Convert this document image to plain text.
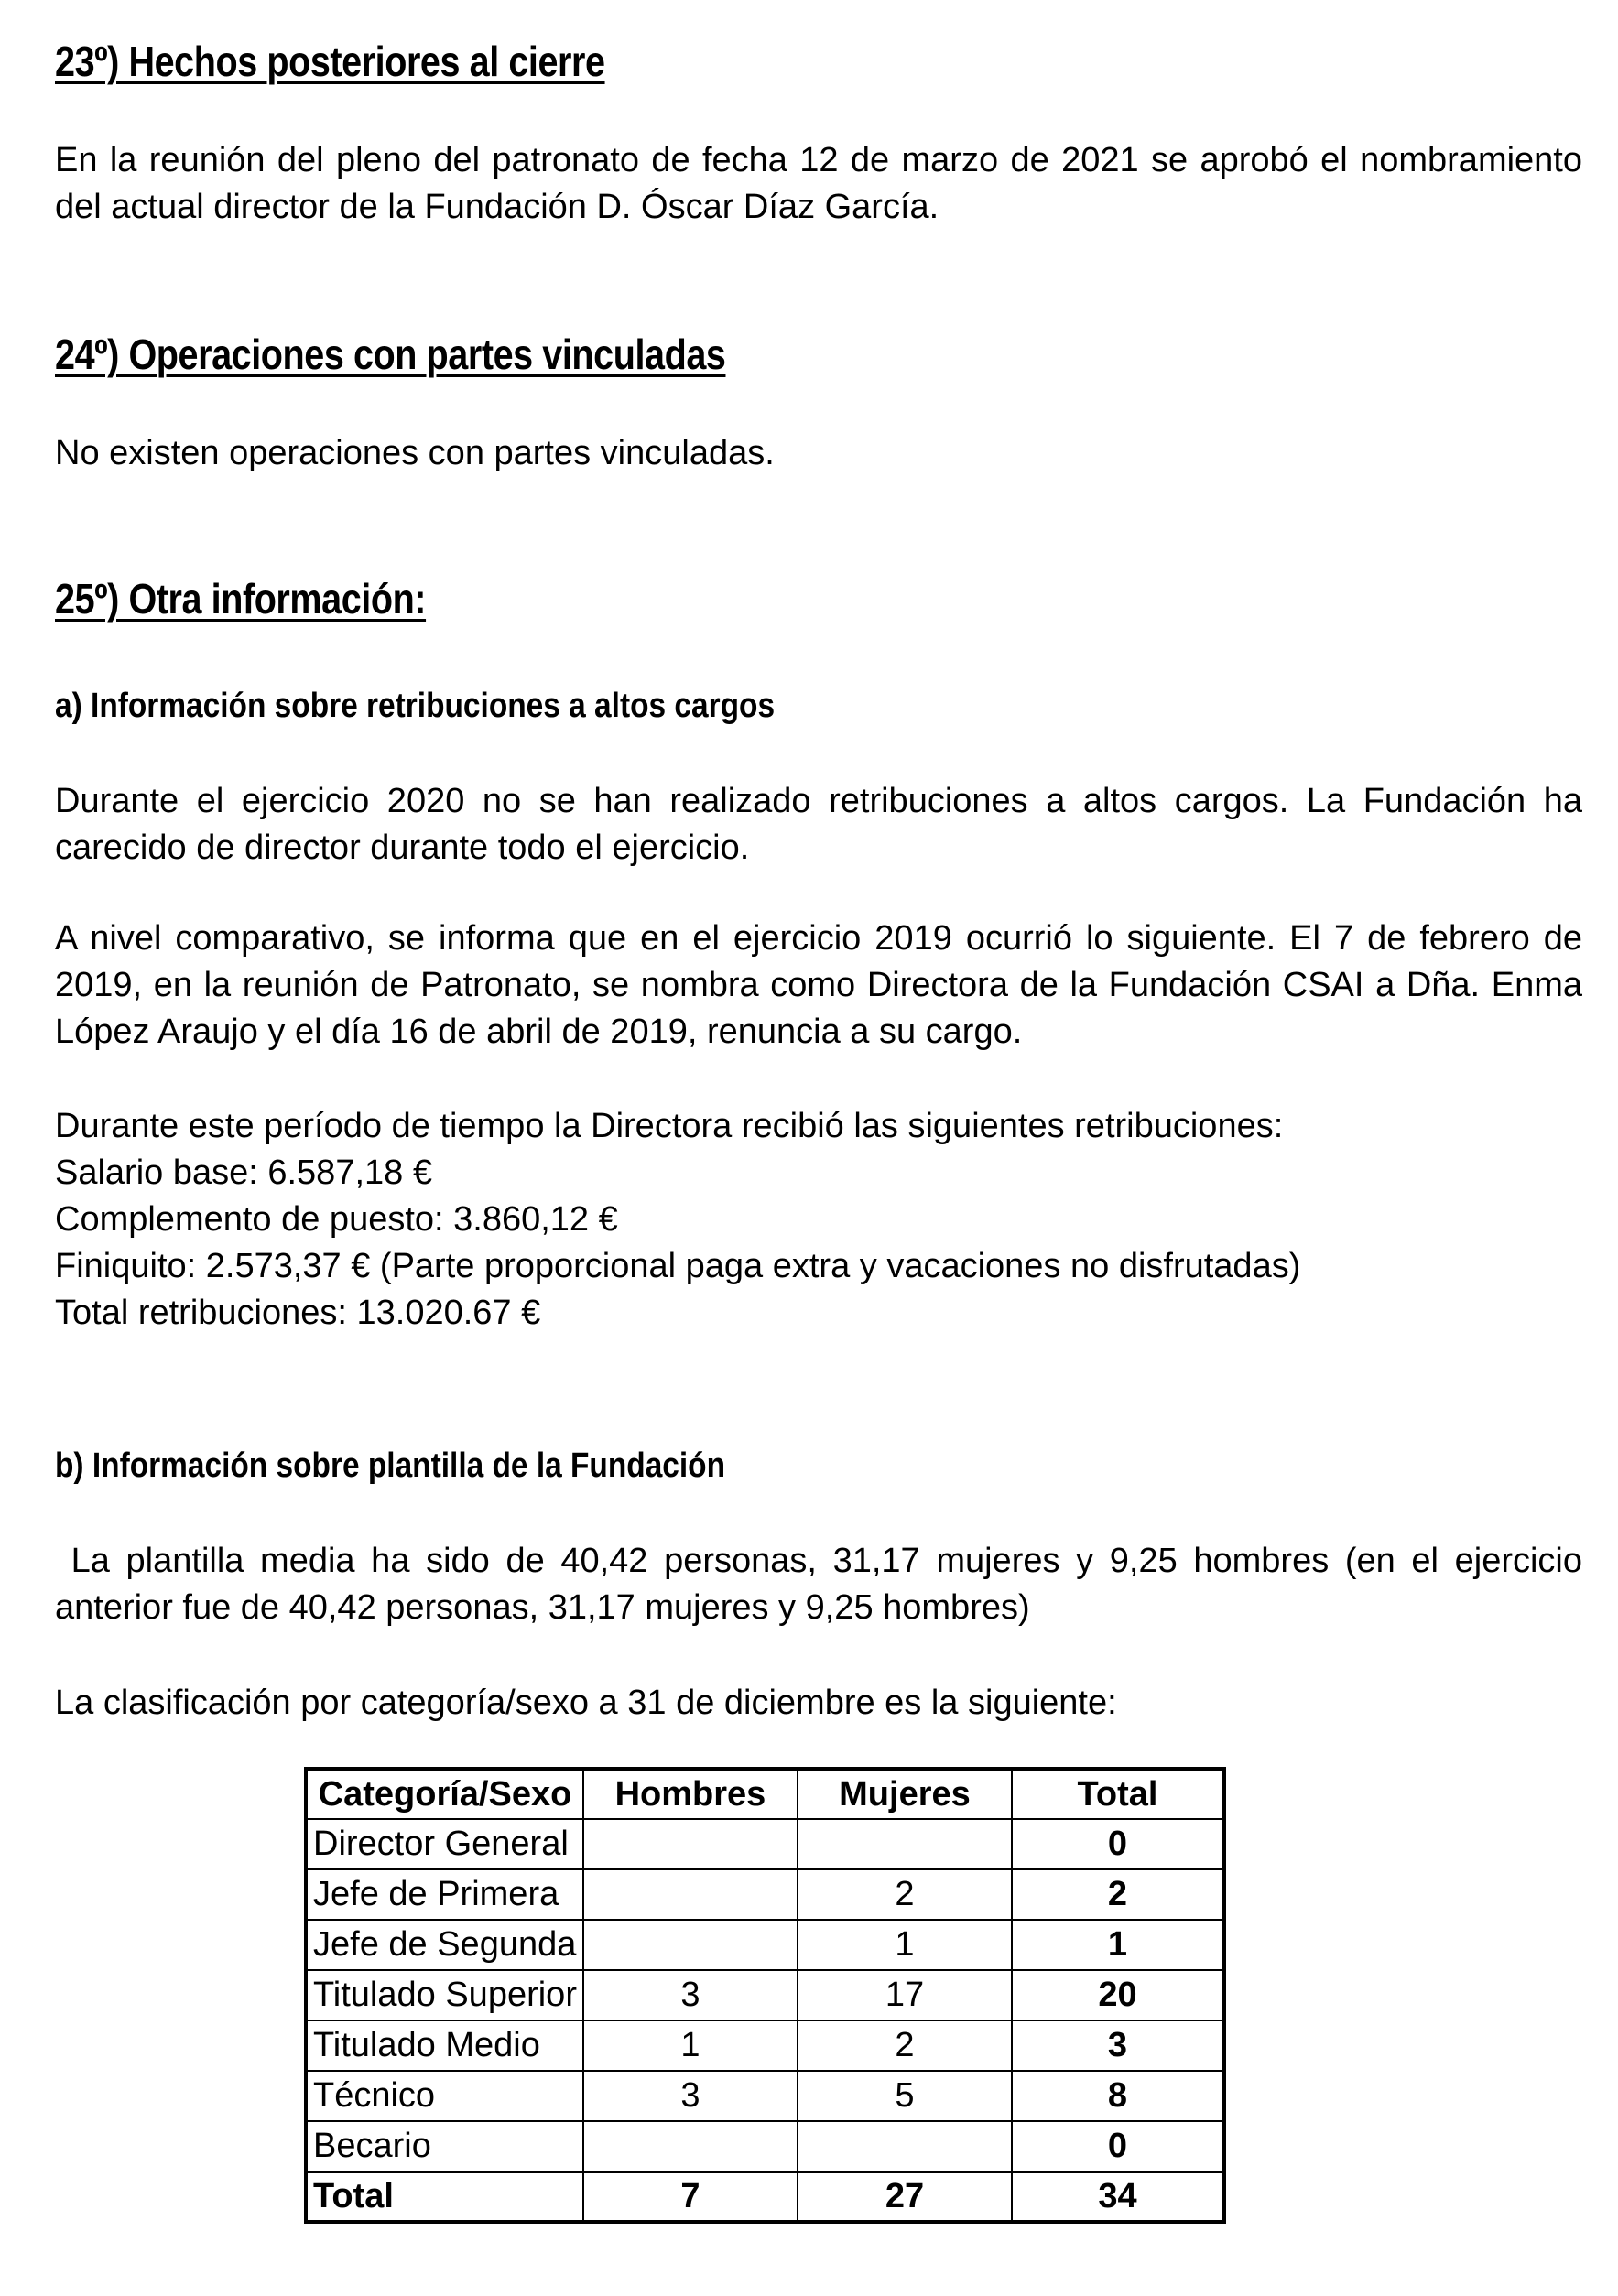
23º) Hechos posteriores al cierre
En la reunión del pleno del patronato de fecha 12 de marzo de 2021 se aprobó el nombramiento del actual director de la Fundación D. Óscar Díaz García.
24º) Operaciones con partes vinculadas
No existen operaciones con partes vinculadas.
25º) Otra información:
a) Información sobre retribuciones a altos cargos
Durante el ejercicio 2020 no se han realizado retribuciones a altos cargos. La Fundación ha carecido de director durante todo el ejercicio.
A nivel comparativo, se informa que en el ejercicio 2019 ocurrió lo siguiente. El 7 de febrero de 2019, en la reunión de Patronato, se nombra como Directora de la Fundación CSAI a Dña. Enma López Araujo y el día 16 de abril de 2019, renuncia a su cargo.
Durante este período de tiempo la Directora recibió las siguientes retribuciones:
Salario base: 6.587,18 €
Complemento de puesto: 3.860,12 €
Finiquito: 2.573,37 € (Parte proporcional paga extra y vacaciones no disfrutadas)
Total retribuciones: 13.020.67 €
b) Información sobre plantilla de la Fundación
La plantilla media ha sido de 40,42 personas, 31,17 mujeres y 9,25 hombres (en el ejercicio anterior fue de 40,42 personas, 31,17 mujeres y 9,25 hombres)
La clasificación por categoría/sexo a 31 de diciembre es la siguiente:
Categoría/Sexo	Hombres	Mujeres	Total
Director General			0
Jefe de Primera		2	2
Jefe de Segunda		1	1
Titulado Superior	3	17	20
Titulado Medio	1	2	3
Técnico	3	5	8
Becario			0
Total	7	27	34
